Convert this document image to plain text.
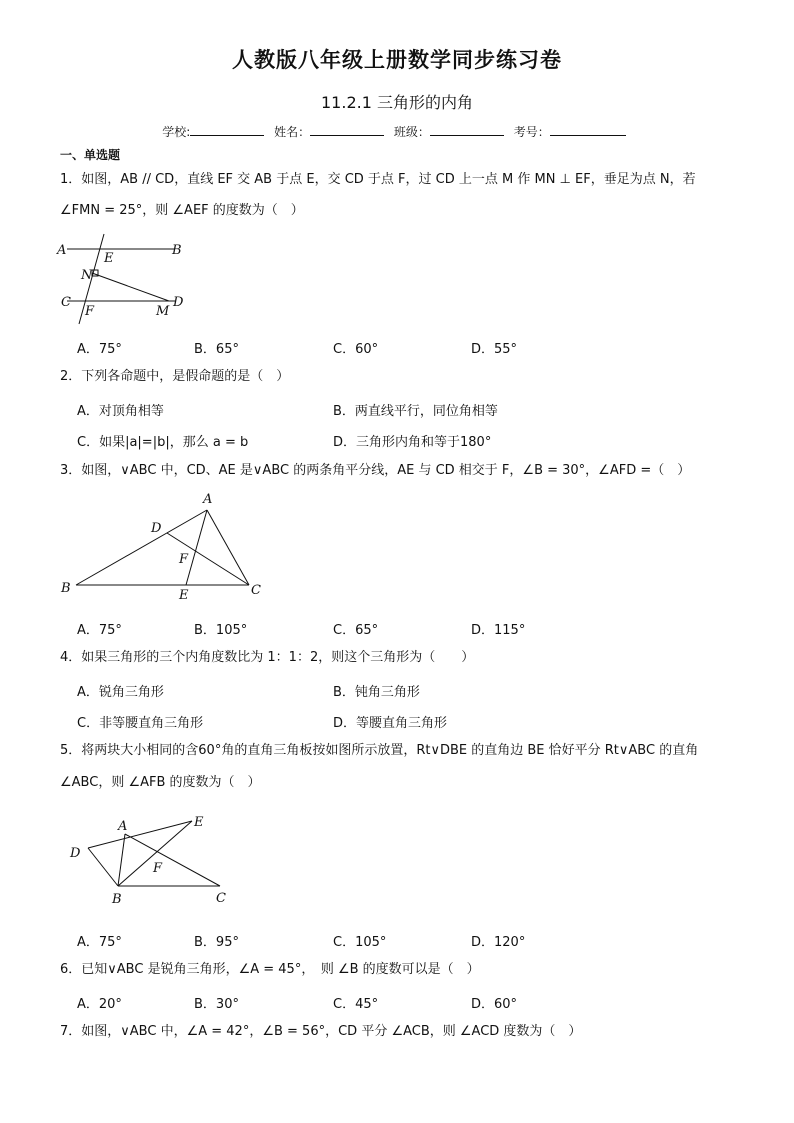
人教版八年级上册数学同步练习卷
11.2.1 三角形的内角
学校:	姓名：	班级：	考号：
一、单选题
1．如图，AB // CD，直线 EF 交 AB 于点 E，交 CD 于点 F，过 CD 上一点 M 作 MN ⊥ EF，垂足为点 N，若
∠FMN = 25°，则 ∠AEF 的度数为（　）
A	B
E
N
C	D
F	M
A．75°	B．65°	C．60°	D．55°
2．下列各命题中，是假命题的是（　）
A．对顶角相等	B．两直线平行，同位角相等
C．如果|a|=|b|，那么 a = b	D．三角形内角和等于180°
3．如图，∨ABC 中，CD、AE 是∨ABC 的两条角平分线，AE 与 CD 相交于 F，∠B = 30°，∠AFD =（　）
A
D
F
B	E	C
A．75°	B．105°	C．65°	D．115°
4．如果三角形的三个内角度数比为 1：1：2，则这个三角形为（　　）
A．锐角三角形	B．钝角三角形
C．非等腰直角三角形	D．等腰直角三角形
5．将两块大小相同的含60°角的直角三角板按如图所示放置，Rt∨DBE 的直角边 BE 恰好平分 Rt∨ABC 的直角
∠ABC，则 ∠AFB 的度数为（　）
A	E
D
F
B	C
A．75°	B．95°	C．105°	D．120°
6．已知∨ABC 是锐角三角形，∠A = 45°，　则 ∠B 的度数可以是（　）
A．20°	B．30°	C．45°	D．60°
7．如图，∨ABC 中，∠A = 42°，∠B = 56°，CD 平分 ∠ACB，则 ∠ACD 度数为（　）
